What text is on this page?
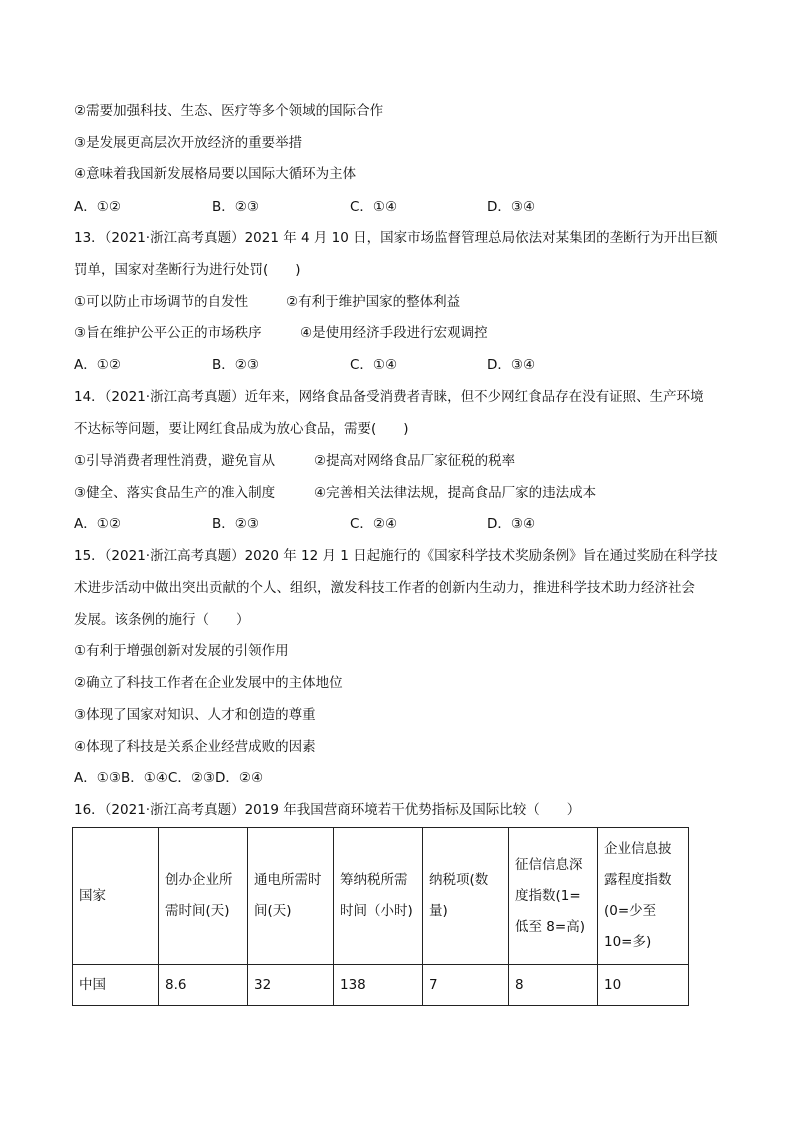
②需要加强科技、生态、医疗等多个领域的国际合作
③是发展更高层次开放经济的重要举措
④意味着我国新发展格局要以国际大循环为主体
A．①②	B．②③	C．①④	D．③④
13．（2021·浙江高考真题）2021 年 4 月 10 日，国家市场监督管理总局依法对某集团的垄断行为开出巨额
罚单，国家对垄断行为进行处罚(　　)
①可以防止市场调节的自发性	②有利于维护国家的整体利益
③旨在维护公平公正的市场秩序	④是使用经济手段进行宏观调控
A．①②	B．②③	C．①④	D．③④
14．（2021·浙江高考真题）近年来，网络食品备受消费者青睐，但不少网红食品存在没有证照、生产环境
不达标等问题，要让网红食品成为放心食品，需要(　　)
①引导消费者理性消费，避免盲从	②提高对网络食品厂家征税的税率
③健全、落实食品生产的准入制度	④完善相关法律法规，提高食品厂家的违法成本
A．①②	B．②③	C．②④	D．③④
15．（2021·浙江高考真题）2020 年 12 月 1 日起施行的《国家科学技术奖励条例》旨在通过奖励在科学技
术进步活动中做出突出贡献的个人、组织，激发科技工作者的创新内生动力，推进科学技术助力经济社会
发展。该条例的施行（　　）
①有利于增强创新对发展的引领作用
②确立了科技工作者在企业发展中的主体地位
③体现了国家对知识、人才和创造的尊重
④体现了科技是关系企业经营成败的因素
A．①③B．①④C．②③D．②④
16．（2021·浙江高考真题）2019 年我国营商环境若干优势指标及国际比较（　　）
国家	创办企业所需时间(天)	通电所需时间(天)	筹纳税所需时间（小时)	纳税项(数量)	征信信息深度指数(1=低至 8=高)	企业信息披露程度指数(0=少至10=多)
中国	8.6	32	138	7	8	10
